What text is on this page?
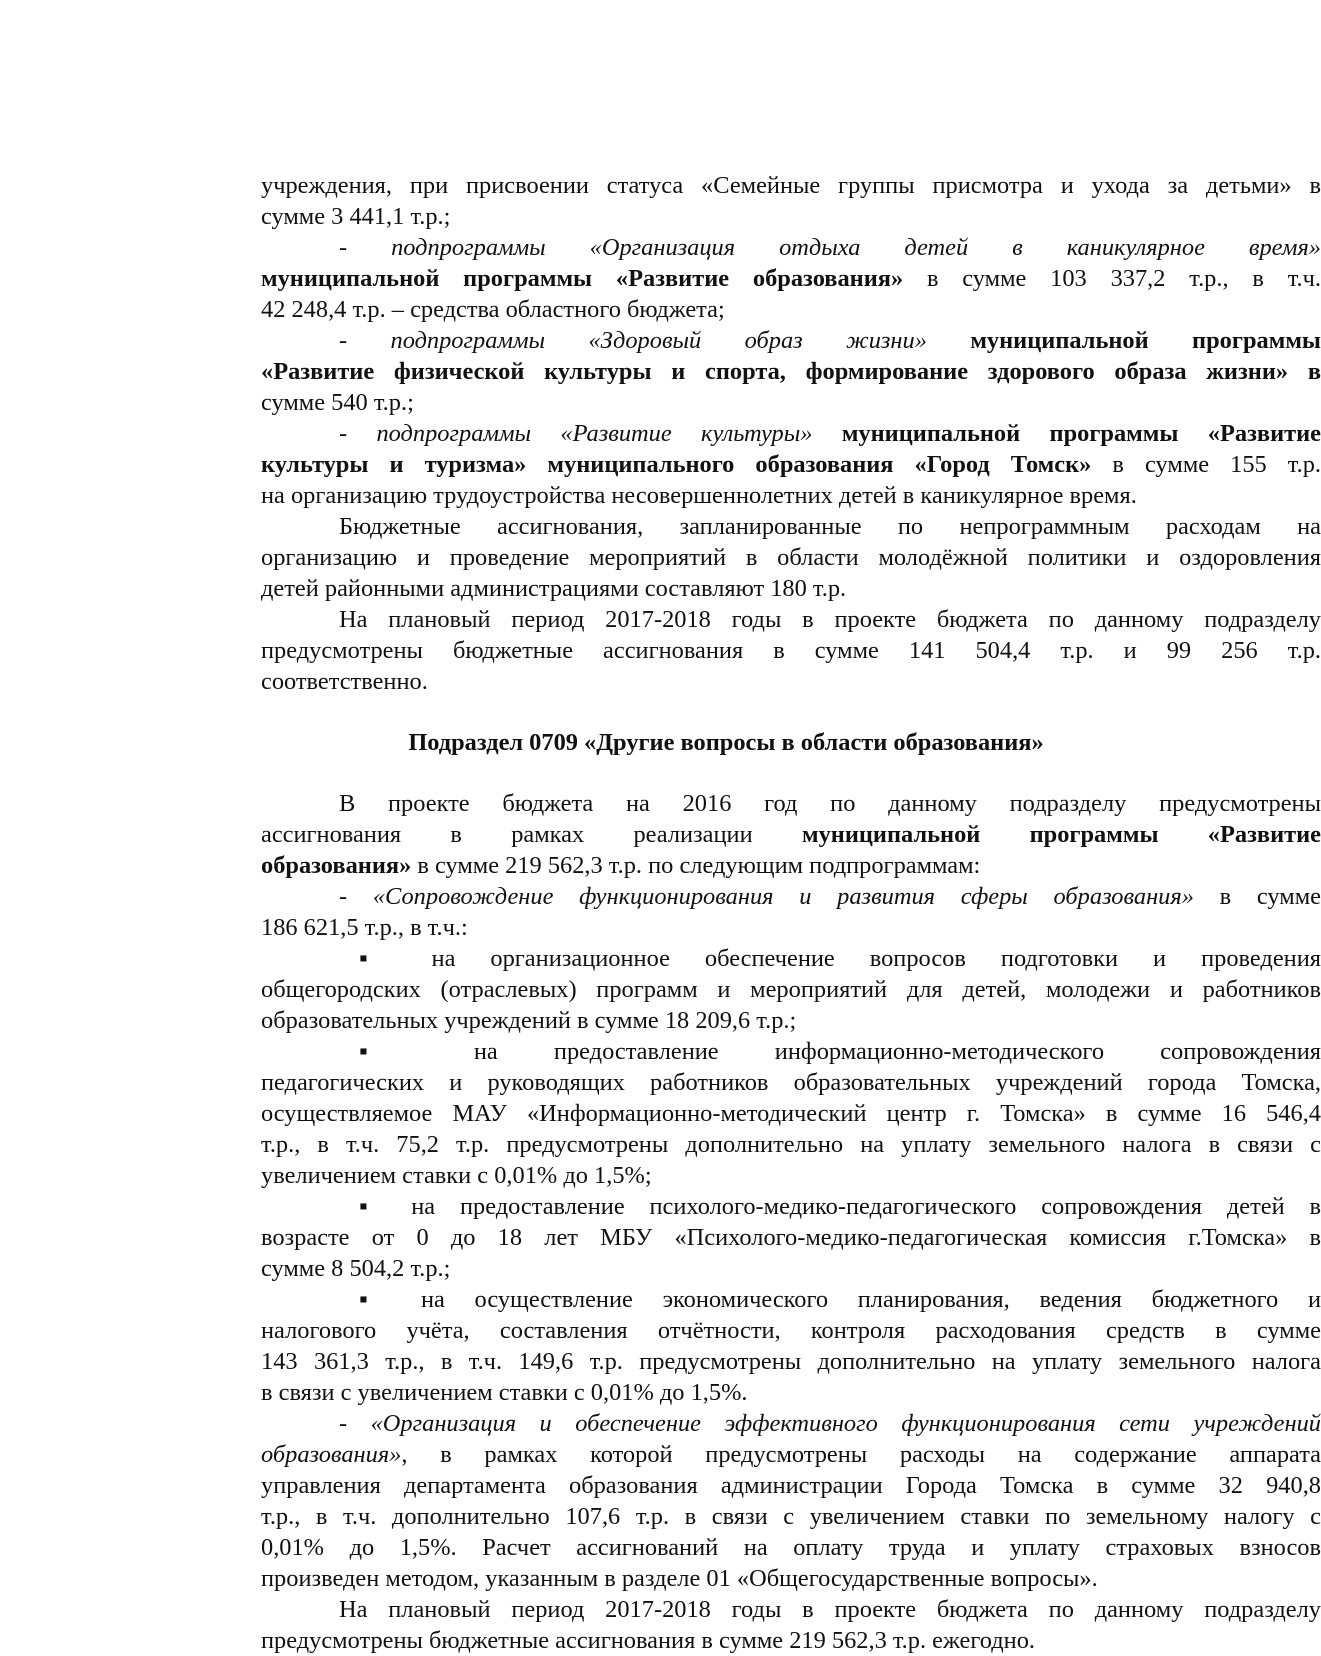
учреждения, при присвоении статуса «Семейные группы присмотра и ухода за детьми» в
сумме 3 441,1 т.р.;
- подпрограммы «Организация отдыха детей в каникулярное время»
муниципальной программы «Развитие образования» в сумме 103 337,2 т.р., в т.ч.
42 248,4 т.р. – средства областного бюджета;
- подпрограммы «Здоровый образ жизни» муниципальной программы
«Развитие физической культуры и спорта, формирование здорового образа жизни» в
сумме 540 т.р.;
- подпрограммы «Развитие культуры» муниципальной программы «Развитие
культуры и туризма» муниципального образования «Город Томск» в сумме 155 т.р.
на организацию трудоустройства несовершеннолетних детей в каникулярное время.
Бюджетные ассигнования, запланированные по непрограммным расходам на
организацию и проведение мероприятий в области молодёжной политики и оздоровления
детей районными администрациями составляют 180 т.р.
На плановый период 2017-2018 годы в проекте бюджета по данному подразделу
предусмотрены бюджетные ассигнования в сумме 141 504,4 т.р. и 99 256 т.р.
соответственно.
Подраздел 0709 «Другие вопросы в области образования»
В проекте бюджета на 2016 год по данному подразделу предусмотрены
ассигнования в рамках реализации муниципальной программы «Развитие
образования» в сумме 219 562,3 т.р. по следующим подпрограммам:
- «Сопровождение функционирования и развития сферы образования» в сумме
186 621,5 т.р., в т.ч.:
▪ на организационное обеспечение вопросов подготовки и проведения
общегородских (отраслевых) программ и мероприятий для детей, молодежи и работников
образовательных учреждений в сумме 18 209,6 т.р.;
▪ на предоставление информационно-методического сопровождения
педагогических и руководящих работников образовательных учреждений города Томска,
осуществляемое МАУ «Информационно-методический центр г. Томска» в сумме 16 546,4
т.р., в т.ч. 75,2 т.р. предусмотрены дополнительно на уплату земельного налога в связи с
увеличением ставки с 0,01% до 1,5%;
▪ на предоставление психолого-медико-педагогического сопровождения детей в
возрасте от 0 до 18 лет МБУ «Психолого-медико-педагогическая комиссия г.Томска» в
сумме 8 504,2 т.р.;
▪ на осуществление экономического планирования, ведения бюджетного и
налогового учёта, составления отчётности, контроля расходования средств в сумме
143 361,3 т.р., в т.ч. 149,6 т.р. предусмотрены дополнительно на уплату земельного налога
в связи с увеличением ставки с 0,01% до 1,5%.
- «Организация и обеспечение эффективного функционирования сети учреждений
образования», в рамках которой предусмотрены расходы на содержание аппарата
управления департамента образования администрации Города Томска в сумме 32 940,8
т.р., в т.ч. дополнительно 107,6 т.р. в связи с увеличением ставки по земельному налогу с
0,01% до 1,5%. Расчет ассигнований на оплату труда и уплату страховых взносов
произведен методом, указанным в разделе 01 «Общегосударственные вопросы».
На плановый период 2017-2018 годы в проекте бюджета по данному подразделу
предусмотрены бюджетные ассигнования в сумме 219 562,3 т.р. ежегодно.
